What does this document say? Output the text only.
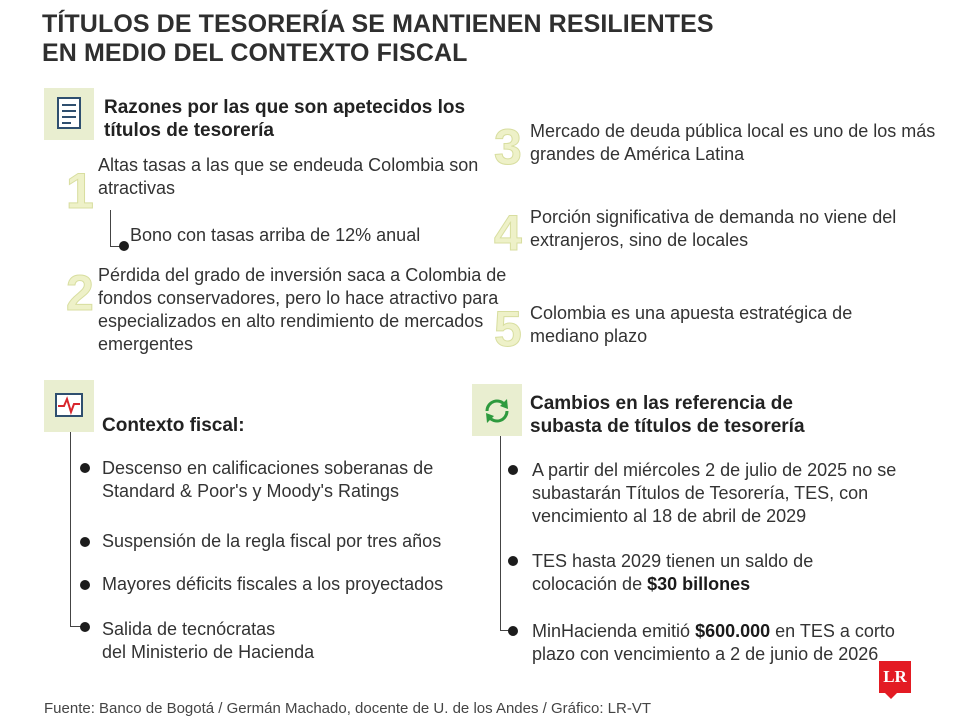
TÍTULOS DE TESORERÍA SE MANTIENEN RESILIENTES
EN MEDIO DEL CONTEXTO FISCAL
Razones por las que son apetecidos los
títulos de tesorería
1 Altas tasas a las que se endeuda Colombia son
atractivas
Bono con tasas arriba de 12% anual
2 Pérdida del grado de inversión saca a Colombia de
fondos conservadores, pero lo hace atractivo para
especializados en alto rendimiento de mercados
emergentes
3 Mercado de deuda pública local es uno de los más
grandes de América Latina
4 Porción significativa de demanda no viene del
extranjeros, sino de locales
5 Colombia es una apuesta estratégica de
mediano plazo
Contexto fiscal:
Descenso en calificaciones soberanas de
Standard & Poor's y Moody's Ratings
Suspensión de la regla fiscal por tres años
Mayores déficits fiscales a los proyectados
Salida de tecnócratas
del Ministerio de Hacienda
Cambios en las referencia de
subasta de títulos de tesorería
A partir del miércoles 2 de julio de 2025 no se
subastarán Títulos de Tesorería, TES, con
vencimiento al 18 de abril de 2029
TES hasta 2029 tienen un saldo de
colocación de $30 billones
MinHacienda emitió $600.000 en TES a corto
plazo con vencimiento a 2 de junio de 2026
LR
Fuente: Banco de Bogotá / Germán Machado, docente de U. de los Andes / Gráfico: LR-VT
